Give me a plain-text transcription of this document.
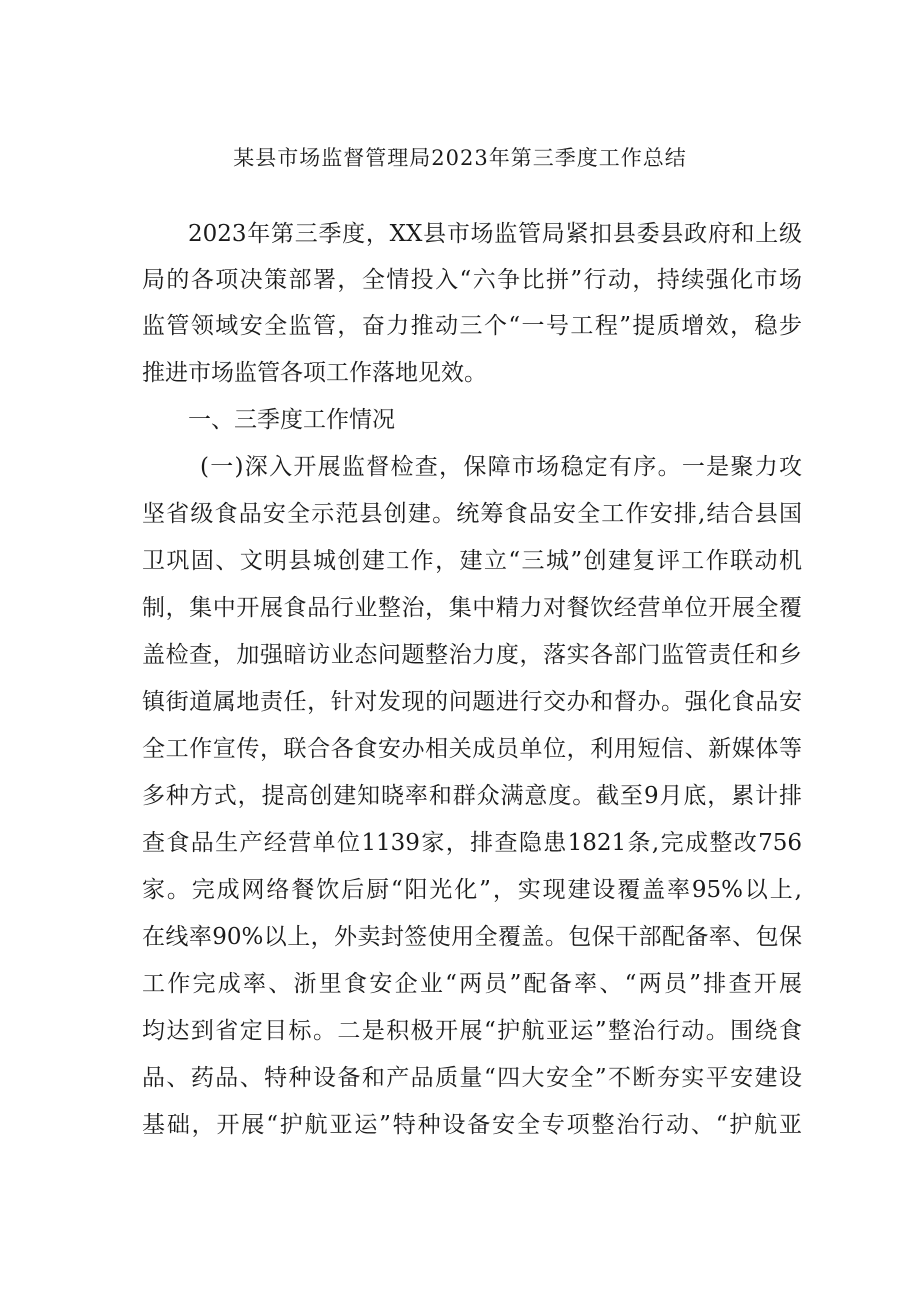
某县市场监督管理局2023年第三季度工作总结
2023年第三季度，XX县市场监管局紧扣县委县政府和上级
局的各项决策部署，全情投入“六争比拼”行动，持续强化市场
监管领域安全监管，奋力推动三个“一号工程”提质增效，稳步
推进市场监管各项工作落地见效。
一、三季度工作情况
(一)深入开展监督检查，保障市场稳定有序。一是聚力攻
坚省级食品安全示范县创建。统筹食品安全工作安排,结合县国
卫巩固、文明县城创建工作，建立“三城”创建复评工作联动机
制，集中开展食品行业整治，集中精力对餐饮经营单位开展全覆
盖检查，加强暗访业态问题整治力度，落实各部门监管责任和乡
镇街道属地责任，针对发现的问题进行交办和督办。强化食品安
全工作宣传，联合各食安办相关成员单位，利用短信、新媒体等
多种方式，提高创建知晓率和群众满意度。截至9月底，累计排
查食品生产经营单位1139家，排查隐患1821条,完成整改756
家。完成网络餐饮后厨“阳光化”，实现建设覆盖率95%以上,
在线率90%以上，外卖封签使用全覆盖。包保干部配备率、包保
工作完成率、浙里食安企业“两员”配备率、“两员”排查开展
均达到省定目标。二是积极开展“护航亚运”整治行动。围绕食
品、药品、特种设备和产品质量“四大安全”不断夯实平安建设
基础，开展“护航亚运”特种设备安全专项整治行动、“护航亚
